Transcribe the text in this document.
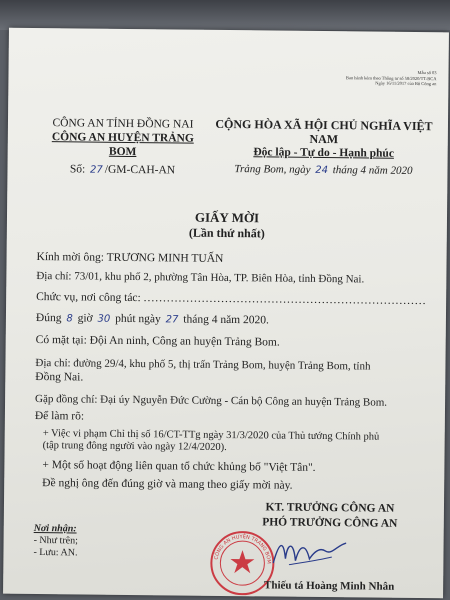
Mẫu số 03
Ban hành kèm theo Thông tư số 58/2020/TT-BCA
Ngày 16/11/2017 của Bộ Công an
CÔNG AN TỈNH ĐỒNG NAI
CÔNG AN HUYỆN TRẢNG BOM
Số: 27 /GM-CAH-AN
CỘNG HÒA XÃ HỘI CHỦ NGHĨA VIỆT NAM
Độc lập - Tự do - Hạnh phúc
Trảng Bom, ngày 24 tháng 4 năm 2020
GIẤY MỜI
(Lần thứ nhất)
Kính mời ông: TRƯƠNG MINH TUẤN
Địa chỉ: 73/01, khu phố 2, phường Tân Hòa, TP. Biên Hòa, tỉnh Đồng Nai.
Chức vụ, nơi công tác: .........................................................................
Đúng 8 giờ 30 phút ngày 27 tháng 4 năm 2020.
Có mặt tại: Đội An ninh, Công an huyện Trảng Bom.
Địa chỉ: đường 29/4, khu phố 5, thị trấn Trảng Bom, huyện Trảng Bom, tỉnh
Đồng Nai.
Gặp đồng chí: Đại úy Nguyễn Đức Cường - Cán bộ Công an huyện Trảng Bom.
Để làm rõ:
+ Việc vi phạm Chỉ thị số 16/CT-TTg ngày 31/3/2020 của Thủ tướng Chính phủ
(tập trung đông người vào ngày 12/4/2020).
+ Một số hoạt động liên quan tổ chức khủng bố "Việt Tân".
Đề nghị ông đến đúng giờ và mang theo giấy mời này.
Nơi nhận:
- Như trên;
- Lưu: AN.
KT. TRƯỞNG CÔNG AN
PHÓ TRƯỞNG CÔNG AN
CÔNG AN HUYỆN TRẢNG BOM
Thiếu tá Hoàng Minh Nhân
